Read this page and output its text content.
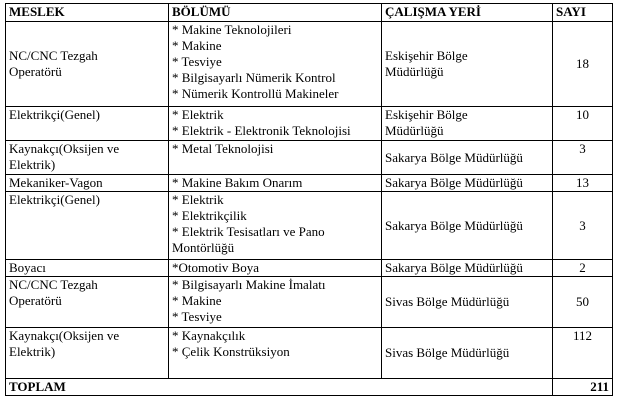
MESLEK	BÖLÜMÜ	ÇALIŞMA YERİ	SAYI

NC/CNC Tezgah
Operatörü	* Makine Teknolojileri
* Makine
* Tesviye
* Bilgisayarlı Nümerik Kontrol
* Nümerik Kontrollü Makineler	Eskişehir Bölge
Müdürlüğü	18

Elektrikçi(Genel)	* Elektrik
* Elektrik - Elektronik Teknolojisi	Eskişehir Bölge
Müdürlüğü	10

Kaynakçı(Oksijen ve
Elektrik)	* Metal Teknolojisi	Sakarya Bölge Müdürlüğü	3

Mekaniker-Vagon	* Makine Bakım Onarım	Sakarya Bölge Müdürlüğü	13

Elektrikçi(Genel)	* Elektrik
* Elektrikçilik
* Elektrik Tesisatları ve Pano
Montörlüğü	Sakarya Bölge Müdürlüğü	3

Boyacı	*Otomotiv Boya	Sakarya Bölge Müdürlüğü	2

NC/CNC Tezgah
Operatörü	* Bilgisayarlı Makine İmalatı
* Makine
* Tesviye	Sivas Bölge Müdürlüğü	50

Kaynakçı(Oksijen ve
Elektrik)	* Kaynakçılık
* Çelik Konstrüksiyon	Sivas Bölge Müdürlüğü	112
TOPLAM			211
